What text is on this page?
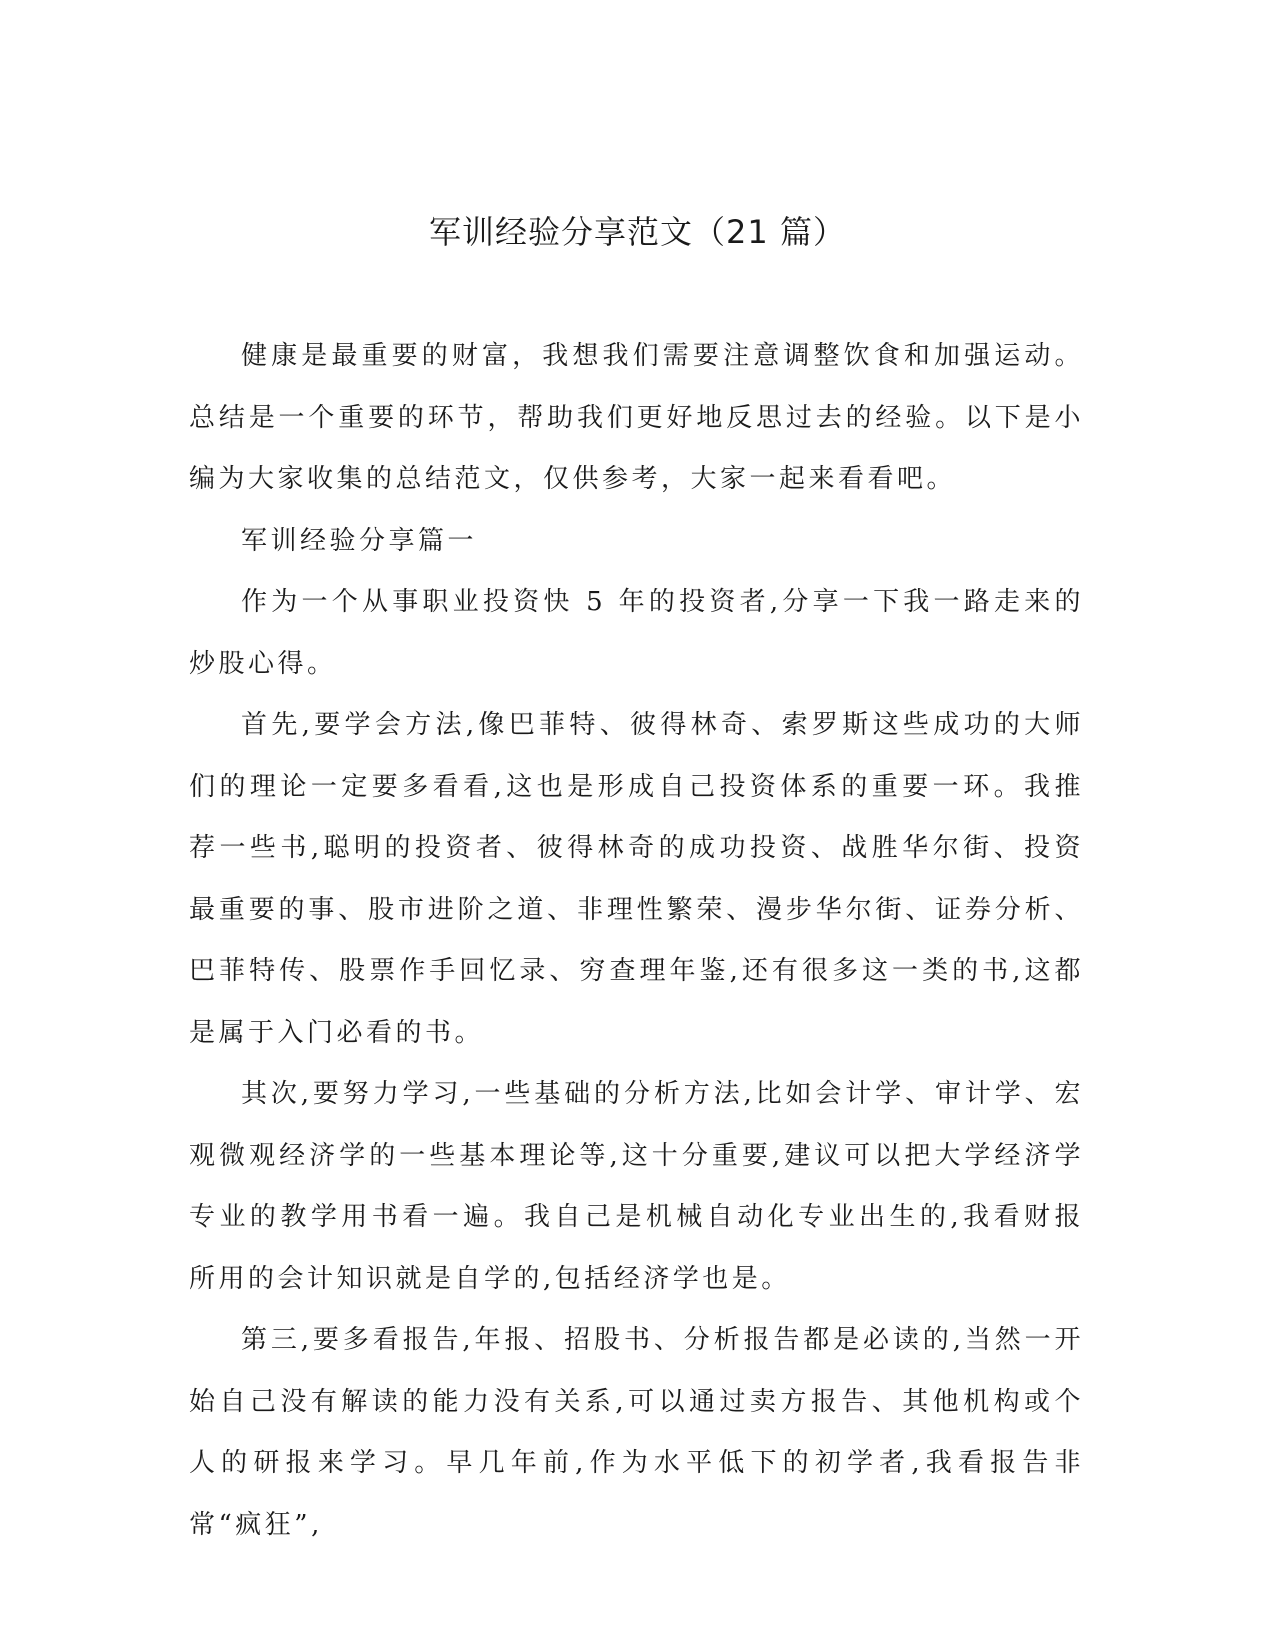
军训经验分享范文（21 篇）

健康是最重要的财富，我想我们需要注意调整饮食和加强运动。总结是一个重要的环节，帮助我们更好地反思过去的经验。以下是小编为大家收集的总结范文，仅供参考，大家一起来看看吧。

军训经验分享篇一

作为一个从事职业投资快 5 年的投资者,分享一下我一路走来的炒股心得。

首先,要学会方法,像巴菲特、彼得林奇、索罗斯这些成功的大师们的理论一定要多看看,这也是形成自己投资体系的重要一环。我推荐一些书,聪明的投资者、彼得林奇的成功投资、战胜华尔街、投资最重要的事、股市进阶之道、非理性繁荣、漫步华尔街、证券分析、巴菲特传、股票作手回忆录、穷查理年鉴,还有很多这一类的书,这都是属于入门必看的书。

其次,要努力学习,一些基础的分析方法,比如会计学、审计学、宏观微观经济学的一些基本理论等,这十分重要,建议可以把大学经济学专业的教学用书看一遍。我自己是机械自动化专业出生的,我看财报所用的会计知识就是自学的,包括经济学也是。

第三,要多看报告,年报、招股书、分析报告都是必读的,当然一开始自己没有解读的能力没有关系,可以通过卖方报告、其他机构或个人的研报来学习。早几年前,作为水平低下的初学者,我看报告非常“疯狂”,
